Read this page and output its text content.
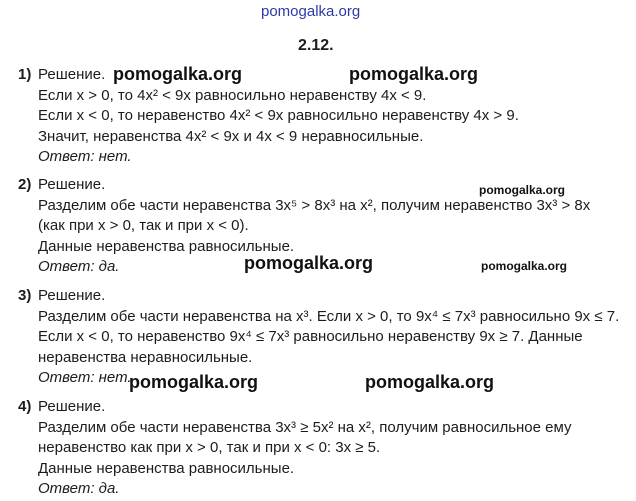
pomogalka.org
2.12.
pomogalka.org	pomogalka.org
pomogalka.org
pomogalka.org	pomogalka.org
pomogalka.org	pomogalka.org
1) Решение.
Если x > 0, то 4x² < 9x равносильно неравенству 4x < 9.
Если x < 0, то неравенство 4x² < 9x равносильно неравенству 4x > 9.
Значит, неравенства 4x² < 9x и 4x < 9 неравносильные.
Ответ: нет.
2) Решение.
Разделим обе части неравенства 3x⁵ > 8x³ на x², получим неравенство 3x³ > 8x
(как при x > 0, так и при x < 0).
Данные неравенства равносильные.
Ответ: да.
3) Решение.
Разделим обе части неравенства на x³. Если x > 0, то 9x⁴ ≤ 7x³ равносильно 9x ≤ 7.
Если x < 0, то неравенство 9x⁴ ≤ 7x³ равносильно неравенству 9x ≥ 7. Данные
неравенства неравносильные.
Ответ: нет.
4) Решение.
Разделим обе части неравенства 3x³ ≥ 5x² на x², получим равносильное ему
неравенство как при x > 0, так и при x < 0: 3x ≥ 5.
Данные неравенства равносильные.
Ответ: да.
